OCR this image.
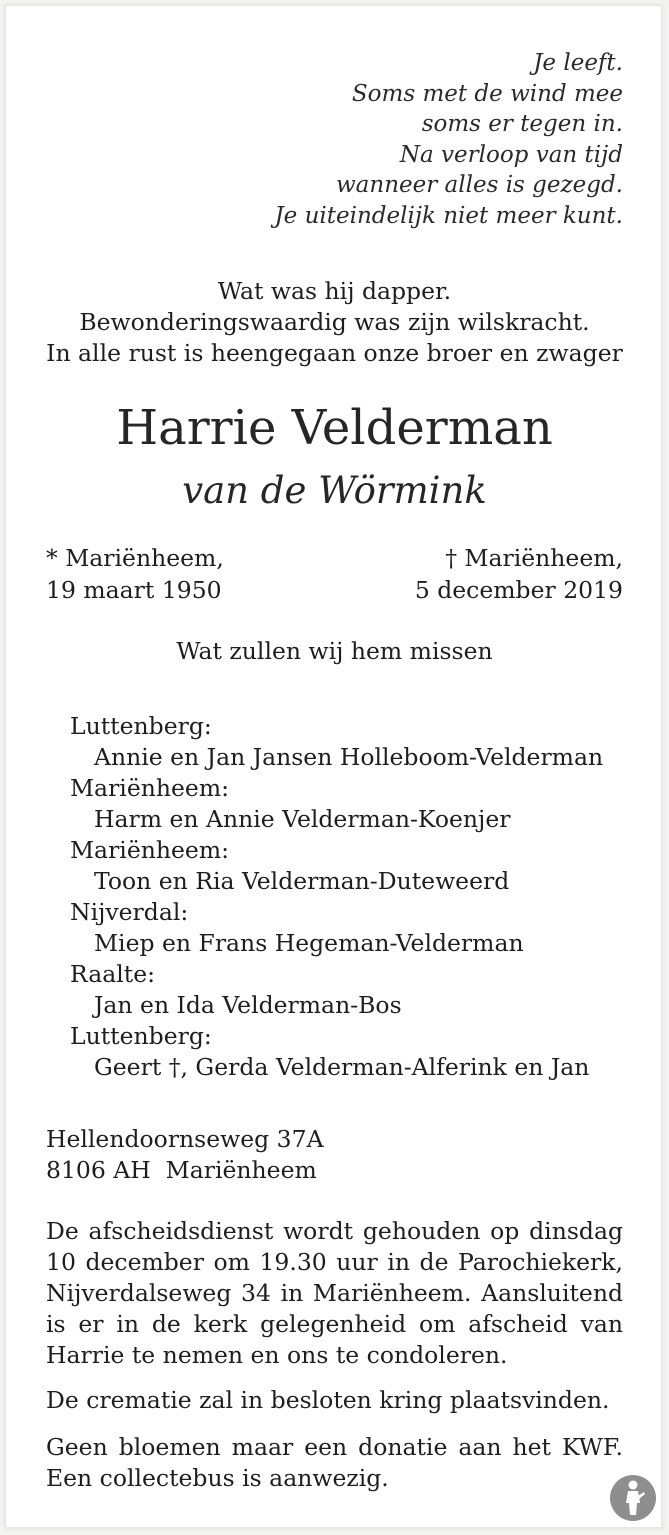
Je leeft.
Soms met de wind mee
soms er tegen in.
Na verloop van tijd
wanneer alles is gezegd.
Je uiteindelijk niet meer kunt.
Wat was hij dapper.
Bewonderingswaardig was zijn wilskracht.
In alle rust is heengegaan onze broer en zwager
Harrie Velderman
van de Wörmink
* Mariënheem,
19 maart 1950
† Mariënheem,
5 december 2019
Wat zullen wij hem missen
Luttenberg:
Annie en Jan Jansen Holleboom-Velderman
Mariënheem:
Harm en Annie Velderman-Koenjer
Mariënheem:
Toon en Ria Velderman-Duteweerd
Nijverdal:
Miep en Frans Hegeman-Velderman
Raalte:
Jan en Ida Velderman-Bos
Luttenberg:
Geert †, Gerda Velderman-Alferink en Jan
Hellendoornseweg 37A
8106 AH  Mariënheem
De afscheidsdienst wordt gehouden op dinsdag 10 december om 19.30 uur in de Parochiekerk, Nijverdalseweg 34 in Mariënheem. Aansluitend is er in de kerk gelegenheid om afscheid van Harrie te nemen en ons te condoleren.
De crematie zal in besloten kring plaatsvinden.
Geen bloemen maar een donatie aan het KWF. Een collectebus is aanwezig.
